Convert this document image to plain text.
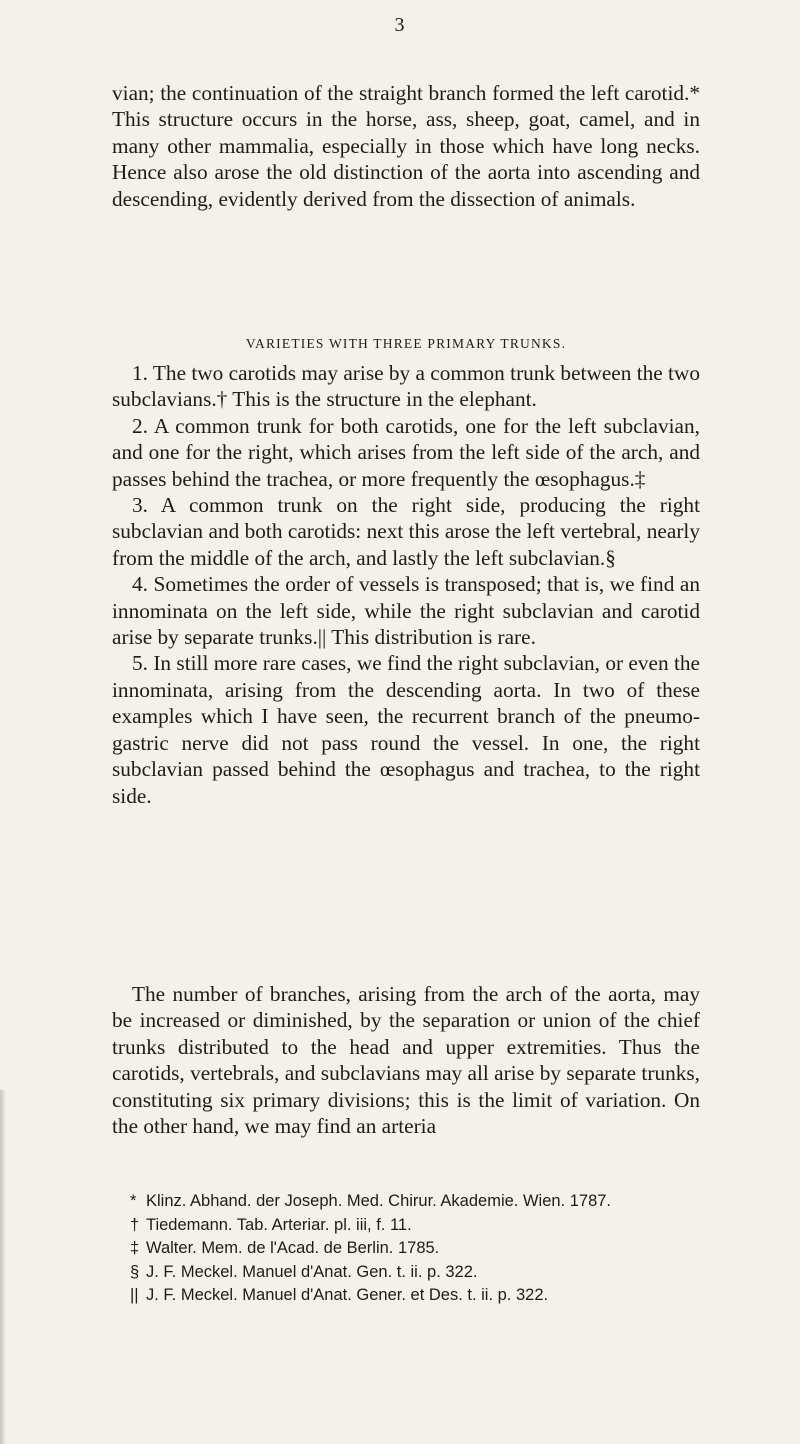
3
vian; the continuation of the straight branch formed the left carotid.* This structure occurs in the horse, ass, sheep, goat, camel, and in many other mammalia, especially in those which have long necks. Hence also arose the old distinction of the aorta into ascending and descending, evidently derived from the dissection of animals.
VARIETIES WITH THREE PRIMARY TRUNKS.

1. The two carotids may arise by a common trunk between the two subclavians.† This is the structure in the elephant.

2. A common trunk for both carotids, one for the left subclavian, and one for the right, which arises from the left side of the arch, and passes behind the trachea, or more frequently the œsophagus.‡

3. A common trunk on the right side, producing the right subclavian and both carotids: next this arose the left vertebral, nearly from the middle of the arch, and lastly the left subclavian.§

4. Sometimes the order of vessels is transposed; that is, we find an innominata on the left side, while the right subclavian and carotid arise by separate trunks.|| This distribution is rare.

5. In still more rare cases, we find the right subclavian, or even the innominata, arising from the descending aorta. In two of these examples which I have seen, the recurrent branch of the pneumo-gastric nerve did not pass round the vessel. In one, the right subclavian passed behind the œsophagus and trachea, to the right side.

The number of branches, arising from the arch of the aorta, may be increased or diminished, by the separation or union of the chief trunks distributed to the head and upper extremities. Thus the carotids, vertebrals, and subclavians may all arise by separate trunks, constituting six primary divisions; this is the limit of variation. On the other hand, we may find an arteria
* Klinz. Abhand. der Joseph. Med. Chirur. Akademie. Wien. 1787.
† Tiedemann. Tab. Arteriar. pl. iii, f. 11.
‡ Walter. Mem. de l'Acad. de Berlin. 1785.
§ J. F. Meckel. Manuel d'Anat. Gen. t. ii. p. 322.
|| J. F. Meckel. Manuel d'Anat. Gener. et Des. t. ii. p. 322.
